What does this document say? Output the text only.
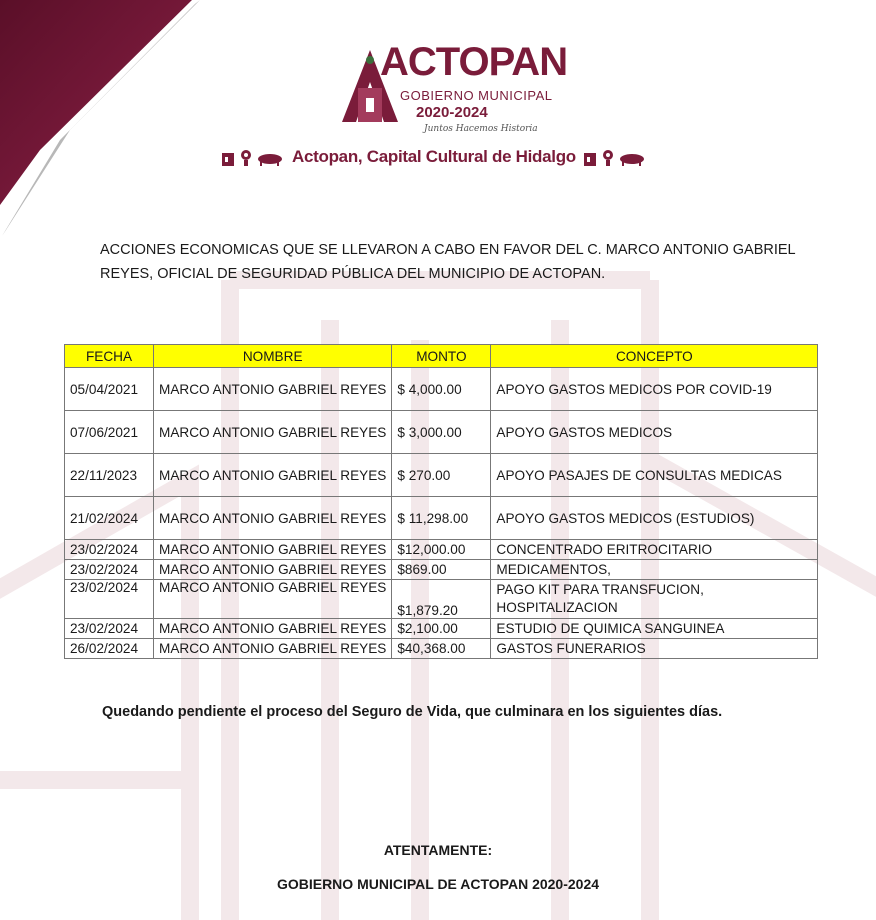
ACTOPAN
GOBIERNO MUNICIPAL
2020-2024
Juntos Hacemos Historia
Actopan, Capital Cultural de Hidalgo
ACCIONES ECONOMICAS QUE SE LLEVARON A CABO EN FAVOR DEL C. MARCO ANTONIO GABRIEL REYES, OFICIAL DE SEGURIDAD PÚBLICA DEL MUNICIPIO DE ACTOPAN.
FECHA	NOMBRE	MONTO	CONCEPTO
05/04/2021	MARCO ANTONIO GABRIEL REYES	$ 4,000.00	APOYO GASTOS MEDICOS POR COVID-19
07/06/2021	MARCO ANTONIO GABRIEL REYES	$ 3,000.00	APOYO GASTOS MEDICOS
22/11/2023	MARCO ANTONIO GABRIEL REYES	$ 270.00	APOYO PASAJES DE CONSULTAS MEDICAS
21/02/2024	MARCO ANTONIO GABRIEL REYES	$ 11,298.00	APOYO GASTOS MEDICOS (ESTUDIOS)
23/02/2024	MARCO ANTONIO GABRIEL REYES	$12,000.00	CONCENTRADO ERITROCITARIO
23/02/2024	MARCO ANTONIO GABRIEL REYES	$869.00	MEDICAMENTOS,
23/02/2024	MARCO ANTONIO GABRIEL REYES	$1,879.20	PAGO KIT PARA TRANSFUCION, HOSPITALIZACION
23/02/2024	MARCO ANTONIO GABRIEL REYES	$2,100.00	ESTUDIO DE QUIMICA SANGUINEA
26/02/2024	MARCO ANTONIO GABRIEL REYES	$40,368.00	GASTOS FUNERARIOS
Quedando pendiente el proceso del Seguro de Vida, que culminara en los siguientes días.
ATENTAMENTE:
GOBIERNO MUNICIPAL DE ACTOPAN 2020-2024
